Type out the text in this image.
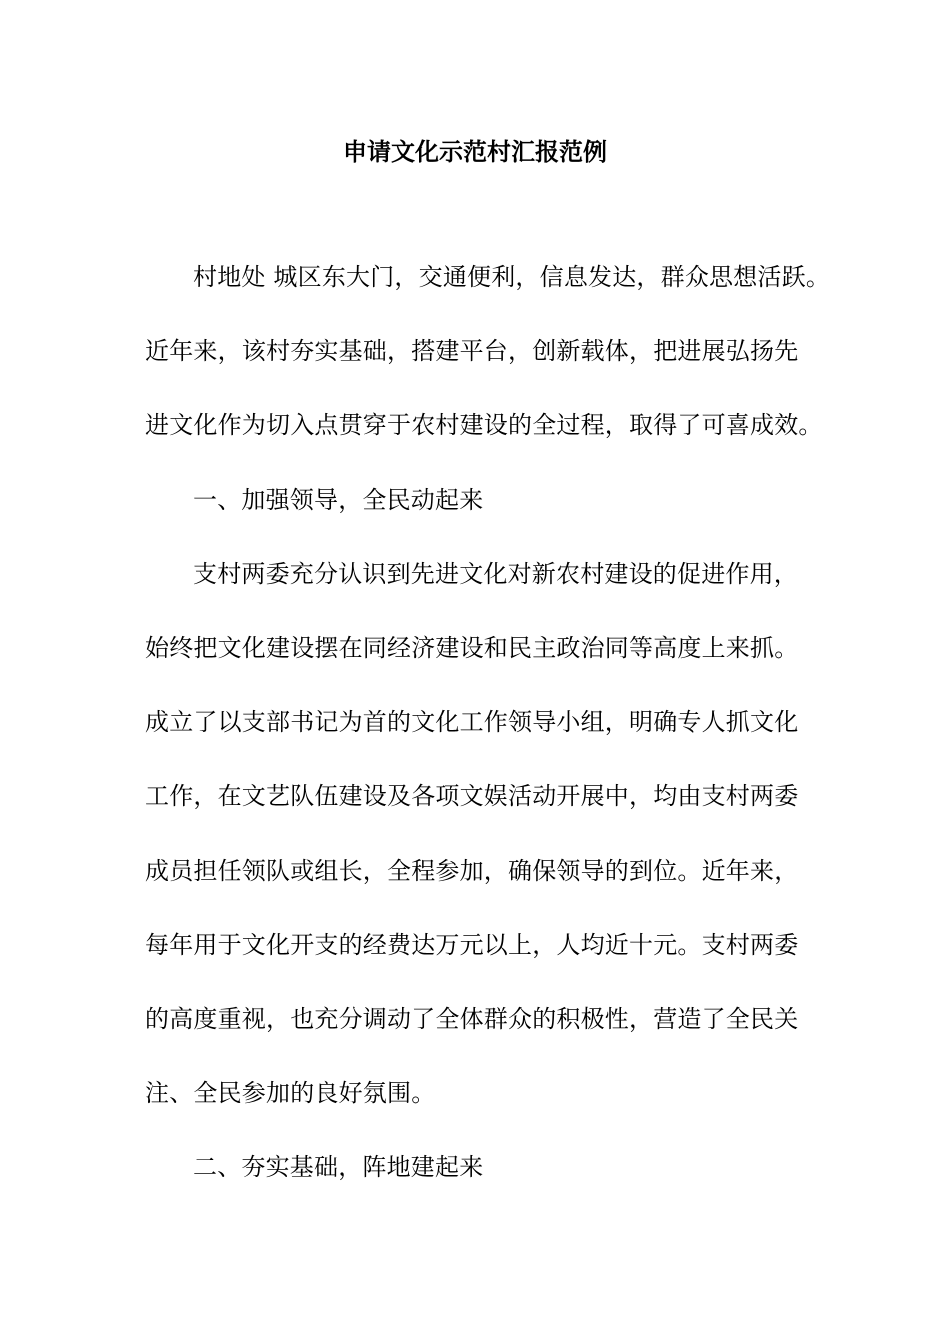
申请文化示范村汇报范例
村地处 城区东大门，交通便利，信息发达，群众思想活跃。
近年来，该村夯实基础，搭建平台，创新载体，把进展弘扬先
进文化作为切入点贯穿于农村建设的全过程，取得了可喜成效。
一、加强领导，全民动起来
支村两委充分认识到先进文化对新农村建设的促进作用，
始终把文化建设摆在同经济建设和民主政治同等高度上来抓。
成立了以支部书记为首的文化工作领导小组，明确专人抓文化
工作，在文艺队伍建设及各项文娱活动开展中，均由支村两委
成员担任领队或组长，全程参加，确保领导的到位。近年来，
每年用于文化开支的经费达万元以上，人均近十元。支村两委
的高度重视，也充分调动了全体群众的积极性，营造了全民关
注、全民参加的良好氛围。
二、夯实基础，阵地建起来
